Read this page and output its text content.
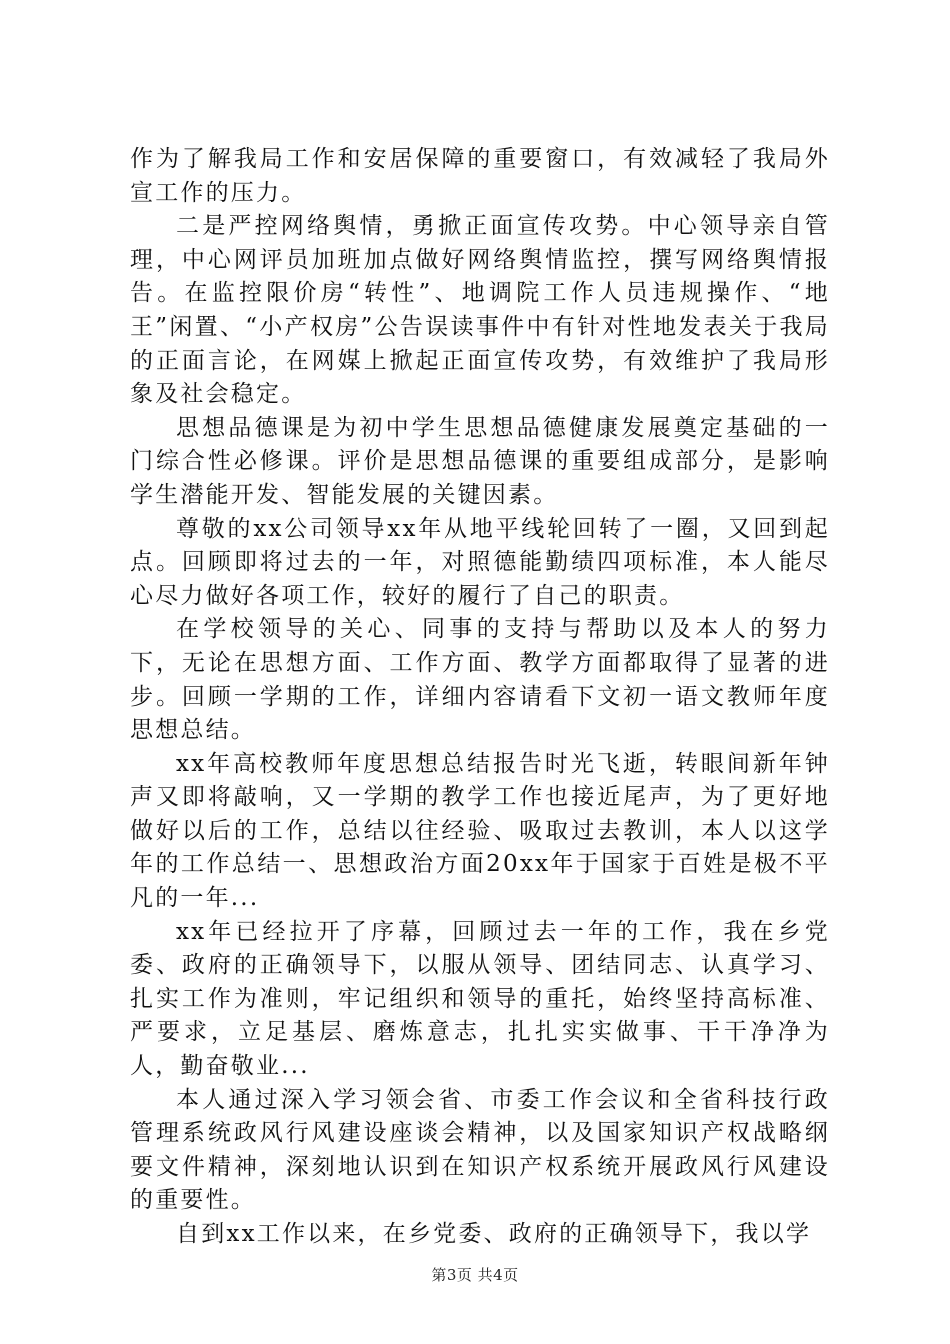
作为了解我局工作和安居保障的重要窗口，有效减轻了我局外宣工作的压力。

二是严控网络舆情，勇掀正面宣传攻势。中心领导亲自管理，中心网评员加班加点做好网络舆情监控，撰写网络舆情报告。在监控限价房“转性”、地调院工作人员违规操作、“地王”闲置、“小产权房”公告误读事件中有针对性地发表关于我局的正面言论，在网媒上掀起正面宣传攻势，有效维护了我局形象及社会稳定。

思想品德课是为初中学生思想品德健康发展奠定基础的一门综合性必修课。评价是思想品德课的重要组成部分，是影响学生潜能开发、智能发展的关键因素。

尊敬的xx公司领导xx年从地平线轮回转了一圈，又回到起点。回顾即将过去的一年，对照德能勤绩四项标准，本人能尽心尽力做好各项工作，较好的履行了自己的职责。

在学校领导的关心、同事的支持与帮助以及本人的努力下，无论在思想方面、工作方面、教学方面都取得了显著的进步。回顾一学期的工作，详细内容请看下文初一语文教师年度思想总结。

xx年高校教师年度思想总结报告时光飞逝，转眼间新年钟声又即将敲响，又一学期的教学工作也接近尾声，为了更好地做好以后的工作，总结以往经验、吸取过去教训，本人以这学年的工作总结一、思想政治方面20xx年于国家于百姓是极不平凡的一年...

xx年已经拉开了序幕，回顾过去一年的工作，我在乡党委、政府的正确领导下，以服从领导、团结同志、认真学习、扎实工作为准则，牢记组织和领导的重托，始终坚持高标准、严要求，立足基层、磨炼意志，扎扎实实做事、干干净净为人，勤奋敬业...

本人通过深入学习领会省、市委工作会议和全省科技行政管理系统政风行风建设座谈会精神，以及国家知识产权战略纲要文件精神，深刻地认识到在知识产权系统开展政风行风建设的重要性。

自到xx工作以来，在乡党委、政府的正确领导下，我以学

第3页 共4页
